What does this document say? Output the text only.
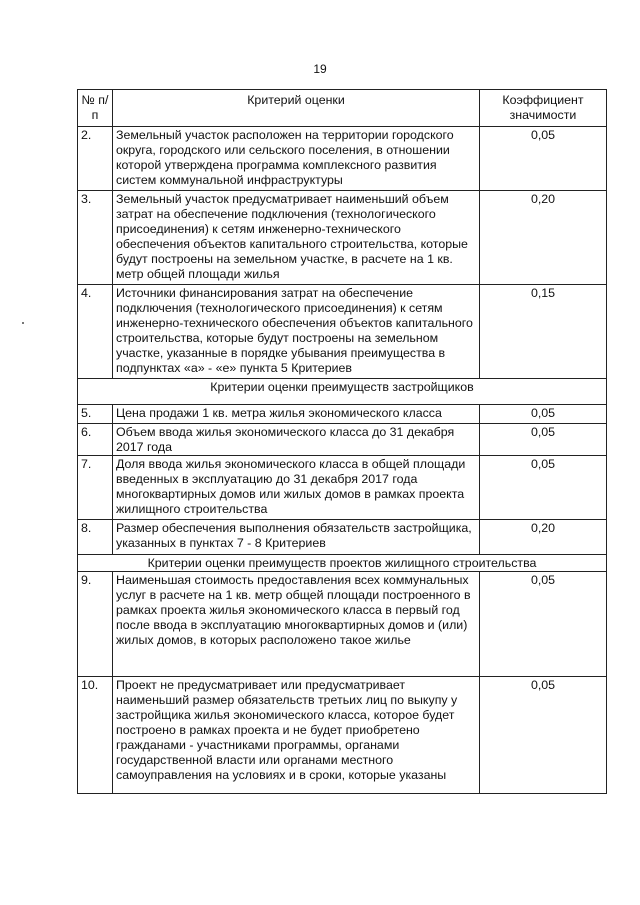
19
№ п/п	Критерий оценки	Коэффициент значимости
2.	Земельный участок расположен на территории городского округа, городского или сельского поселения, в отношении которой утверждена программа комплексного развития систем коммунальной инфраструктуры	0,05
3.	Земельный участок предусматривает наименьший объем затрат на обеспечение подключения (технологического присоединения) к сетям инженерно-технического обеспечения объектов капитального строительства, которые будут построены на земельном участке, в расчете на 1 кв. метр общей площади жилья	0,20
4.	Источники финансирования затрат на обеспечение подключения (технологического присоединения) к сетям инженерно-технического обеспечения объектов капитального строительства, которые будут построены на земельном участке, указанные в порядке убывания преимущества в подпунктах «а» - «е» пункта 5 Критериев	0,15
Критерии оценки преимуществ застройщиков		
5.	Цена продажи 1 кв. метра жилья экономического класса	0,05
6.	Объем ввода жилья экономического класса до 31 декабря 2017 года	0,05
7.	Доля ввода жилья экономического класса в общей площади введенных в эксплуатацию до 31 декабря 2017 года многоквартирных домов или жилых домов в рамках проекта жилищного строительства	0,05
8.	Размер обеспечения выполнения обязательств застройщика, указанных в пунктах 7 - 8 Критериев	0,20
Критерии оценки преимуществ проектов жилищного строительства		
9.	Наименьшая стоимость предоставления всех коммунальных услуг в расчете на 1 кв. метр общей площади построенного в рамках проекта жилья экономического класса в первый год после ввода в эксплуатацию многоквартирных домов и (или) жилых домов, в которых расположено такое жилье	0,05
10.	Проект не предусматривает или предусматривает наименьший размер обязательств третьих лиц по выкупу у застройщика жилья экономического класса, которое будет построено в рамках проекта и не будет приобретено гражданами - участниками программы, органами государственной власти или органами местного самоуправления на условиях и в сроки, которые указаны	0,05
